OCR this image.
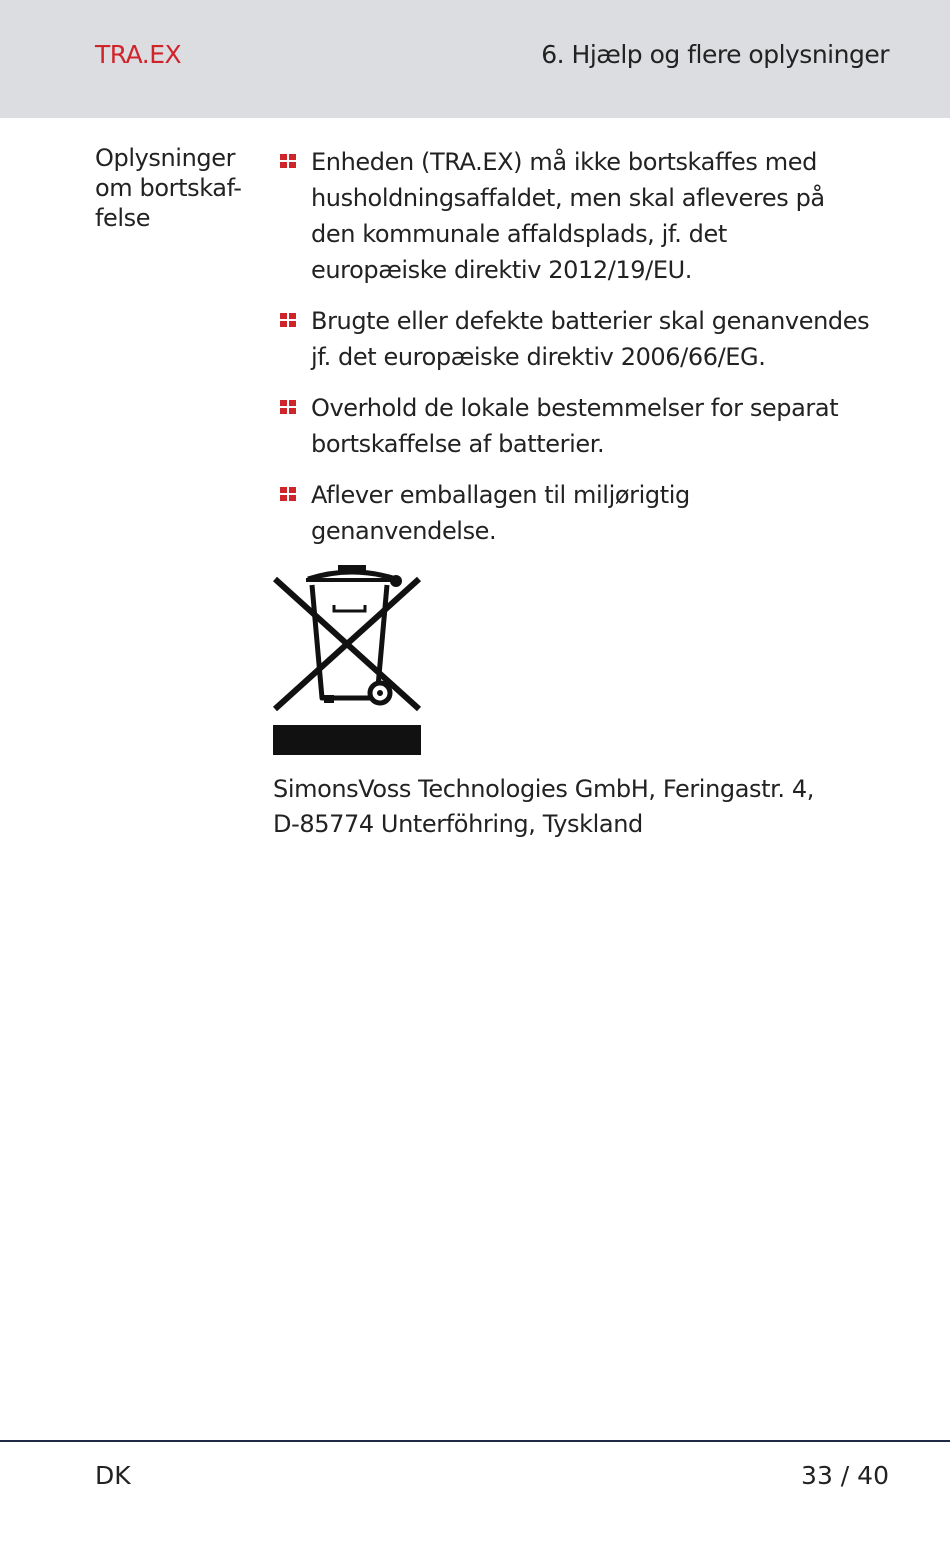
TRA.EX	6. Hjælp og flere oplysninger
Oplysninger
om bortskaf-
felse
Enheden (TRA.EX) må ikke bortskaffes med
husholdningsaffaldet, men skal afleveres på
den kommunale affaldsplads, jf. det
europæiske direktiv 2012/19/EU.
Brugte eller defekte batterier skal genanvendes
jf. det europæiske direktiv 2006/66/EG.
Overhold de lokale bestemmelser for separat
bortskaffelse af batterier.
Aflever emballagen til miljørigtig
genanvendelse.
SimonsVoss Technologies GmbH, Feringastr. 4,
D-85774 Unterföhring, Tyskland
DK	33 / 40
